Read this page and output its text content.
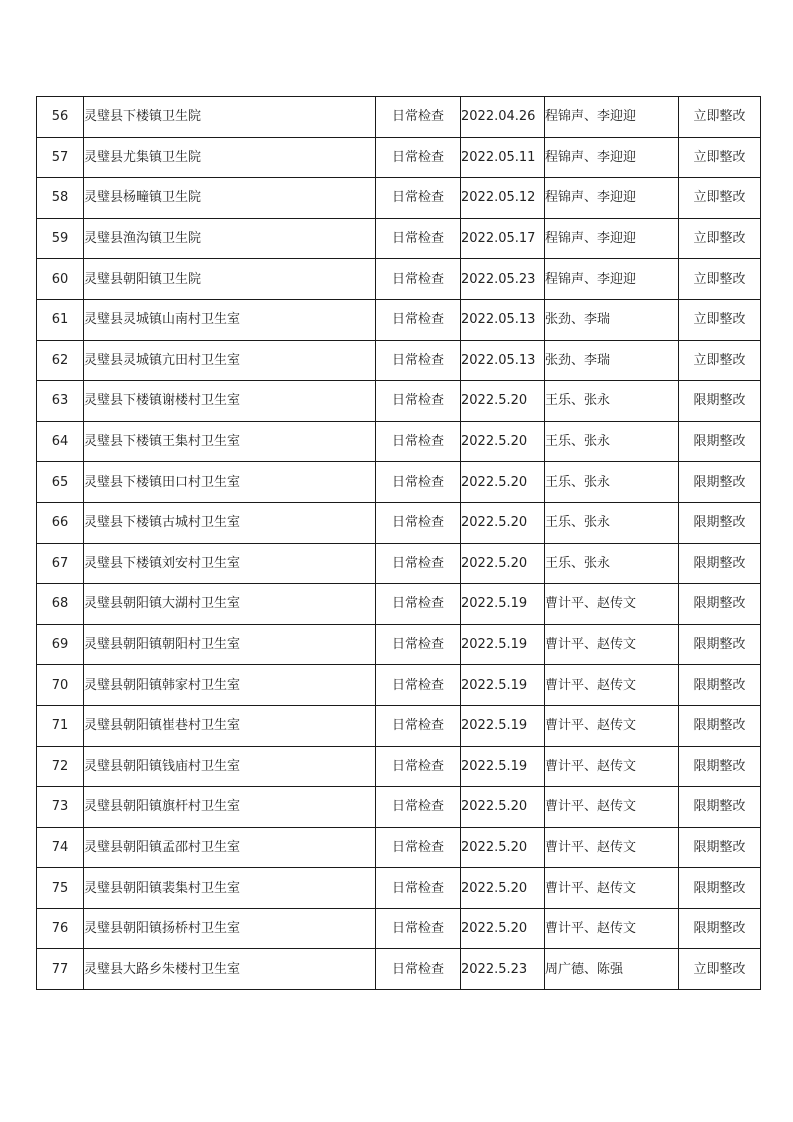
56	灵璧县下楼镇卫生院	日常检查	2022.04.26	程锦声、李迎迎	立即整改
57	灵璧县尤集镇卫生院	日常检查	2022.05.11	程锦声、李迎迎	立即整改
58	灵璧县杨疃镇卫生院	日常检查	2022.05.12	程锦声、李迎迎	立即整改
59	灵璧县渔沟镇卫生院	日常检查	2022.05.17	程锦声、李迎迎	立即整改
60	灵璧县朝阳镇卫生院	日常检查	2022.05.23	程锦声、李迎迎	立即整改
61	灵璧县灵城镇山南村卫生室	日常检查	2022.05.13	张劲、李瑞	立即整改
62	灵璧县灵城镇亢田村卫生室	日常检查	2022.05.13	张劲、李瑞	立即整改
63	灵璧县下楼镇谢楼村卫生室	日常检查	2022.5.20	王乐、张永	限期整改
64	灵璧县下楼镇王集村卫生室	日常检查	2022.5.20	王乐、张永	限期整改
65	灵璧县下楼镇田口村卫生室	日常检查	2022.5.20	王乐、张永	限期整改
66	灵璧县下楼镇古城村卫生室	日常检查	2022.5.20	王乐、张永	限期整改
67	灵璧县下楼镇刘安村卫生室	日常检查	2022.5.20	王乐、张永	限期整改
68	灵璧县朝阳镇大湖村卫生室	日常检查	2022.5.19	曹计平、赵传文	限期整改
69	灵璧县朝阳镇朝阳村卫生室	日常检查	2022.5.19	曹计平、赵传文	限期整改
70	灵璧县朝阳镇韩家村卫生室	日常检查	2022.5.19	曹计平、赵传文	限期整改
71	灵璧县朝阳镇崔巷村卫生室	日常检查	2022.5.19	曹计平、赵传文	限期整改
72	灵璧县朝阳镇钱庙村卫生室	日常检查	2022.5.19	曹计平、赵传文	限期整改
73	灵璧县朝阳镇旗杆村卫生室	日常检查	2022.5.20	曹计平、赵传文	限期整改
74	灵璧县朝阳镇孟邵村卫生室	日常检查	2022.5.20	曹计平、赵传文	限期整改
75	灵璧县朝阳镇裴集村卫生室	日常检查	2022.5.20	曹计平、赵传文	限期整改
76	灵璧县朝阳镇扬桥村卫生室	日常检查	2022.5.20	曹计平、赵传文	限期整改
77	灵璧县大路乡朱楼村卫生室	日常检查	2022.5.23	周广德、陈强	立即整改
